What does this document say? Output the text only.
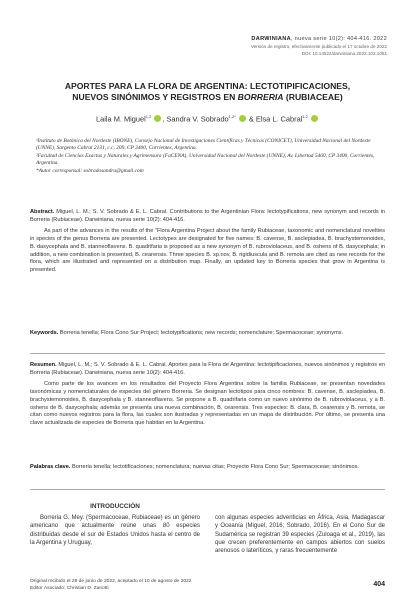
DARWINIANA, nueva serie 10(2): 404-416. 2022
Versión de registro, efectivamente publicado el 17 octubre de 2022
DOI: 10.14522/darwiniana.2022.102.1051
APORTES PARA LA FLORA DE ARGENTINA: LECTOTIPIFICACIONES,
NUEVOS SINÓNIMOS Y REGISTROS EN BORRERIA (RUBIACEAE)
Laila M. Miguel$^{1,2}$ , Sandra V. Sobrado$^{1,2*}$  & Elsa L. Cabral$^{1,2}$

¹Instituto de Botánica del Nordeste (IBONE), Consejo Nacional de Investigaciones Científicas y Técnicas (CONICET), Universidad Nacional del Nordeste (UNNE), Sargento Cabral 2131, c.c. 209, CP 3400, Corrientes, Argentina.

²Facultad de Ciencias Exactas y Naturales y Agrimensura (FaCENA), Universidad Nacional del Nordeste (UNNE), Av. Libertad 5460, CP 3400, Corrientes, Argentina.

*Autor corresponsal: sobradosandra@gmail.com

Abstract. Miguel, L. M.; S. V. Sobrado & E. L. Cabral. Contributions to the Argentinian Flora: lectotypifications, new synonym and records in Borreria (Rubiaceae). Darwiniana, nueva serie 10(2): 404-416.
As part of the advances in the results of the “Flora Argentina Project about the family Rubiaceae, taxonomic and nomenclatural novelties in species of the genus Borreria are presented. Lectotypes are designated for five names: B. cavense, B. asclepiadea, B. brachystemonoides, B. dasycephala and B. stanneoflavens. B. quadrifaria is proposed as a new synonym of B. rubroviolaceus, and B. oshens of B. dasycephala; in addition, a new combination is presented, B. cearensis. Three species B. sp.nov, B. rigidiuscula and B. remota are cited as new records for the flora, which are illustrated and represented on a distribution map. Finally, an updated key to Borreria species that grow in Argentina is presented.
Keywords. Borreria tenella; Flora Cono Sur Project; lectotypifications; new records; nomenclature; Spermacoceae; synonyms.
Resumen. Miguel, L. M.; S. V. Sobrado & E. L. Cabral. Aportes para la Flora de Argentina: lectotipificaciones, nuevos sinónimos y registros en Borreria (Rubiaceae). Darwiniana, nueva serie 10(2): 404-416.
Como parte de los avances en los resultados del Proyecto Flora Argentina sobre la familia Rubiaceae, se presentan novedades taxonómicas y nomenclaturales de especies del género Borreria. Se designan lectotipos para cinco nombres: B. cavense, B. asclepiadea, B. brachystemonoides, B. dasycephala y B. stanneoflavens. Se propone a B. quadrifaria como un nuevo sinónimo de B. rubroviolaceus, y a B. oshens de B. dasycephala; además se presenta una nueva combinación, B. cearensis. Tres especies: B. clara, B. cearensis y B. remota, se citan como nuevos registros para la flora, las cuales son ilustradas y representadas en un mapa de distribución. Por último, se presenta una clave actualizada de especies de Borreria que habitan en la Argentina.
Palabras clave. Borreria tenella; lectotificaciones; nomenclatura; nuevas citas; Proyecto Flora Cono Sur; Spermacoceae; sinónimos.
INTRODUCCIÓN

Borreria G. Mey. (Spermacoceae, Rubiaceae) es un género americano que actualmente reúne unas 80 especies distribuidas desde el sur de Estados Unidos hasta el centro de la Argentina y Uruguay,

con algunas especies adventicias en África, Asia, Madagascar y Oceanía (Miguel, 2016; Sobrado, 2016). En el Cono Sur de Sudamérica se registran 39 especies (Zuloaga et al., 2019), las que crecen preferentemente en campos abiertos con suelos arenosos o lateríticos, y raras frecuentemente

Original recibido el 28 de junio de 2022, aceptado el 10 de agosto de 2022
Editor Asociado: Christian D. Zanotti
404
